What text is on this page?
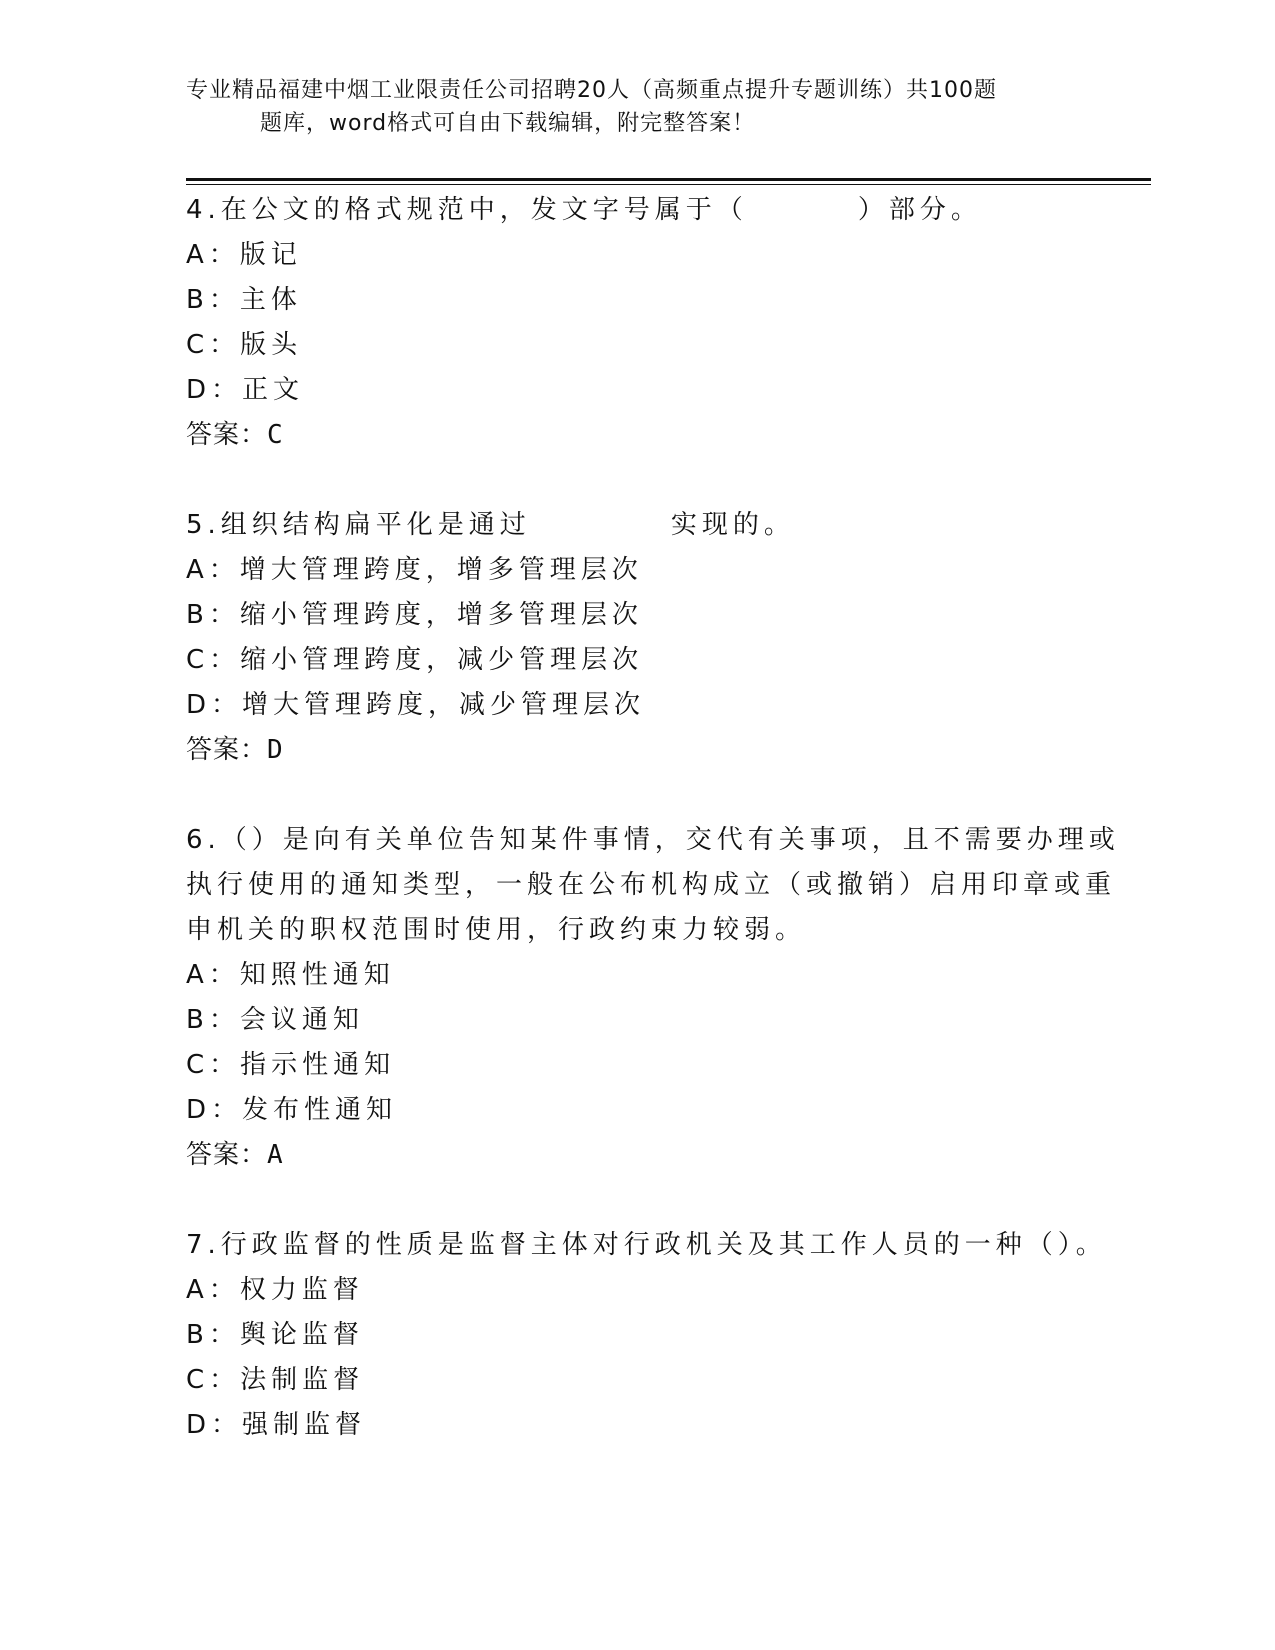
专业精品福建中烟工业限责任公司招聘20人（高频重点提升专题训练）共100题
题库，word格式可自由下载编辑，附完整答案！

4.在公文的格式规范中，发文字号属于（	）部分。

A：版记

B：主体

C：版头

D：正文

答案：C

5.组织结构扁平化是通过	实现的。

A：增大管理跨度，增多管理层次

B：缩小管理跨度，增多管理层次

C：缩小管理跨度，减少管理层次

D：增大管理跨度，减少管理层次

答案：D

6.（）是向有关单位告知某件事情，交代有关事项，且不需要办理或

执行使用的通知类型，一般在公布机构成立（或撤销）启用印章或重

申机关的职权范围时使用，行政约束力较弱。

A：知照性通知

B：会议通知

C：指示性通知

D：发布性通知

答案：A

7.行政监督的性质是监督主体对行政机关及其工作人员的一种（）。

A：权力监督

B：舆论监督

C：法制监督

D：强制监督
